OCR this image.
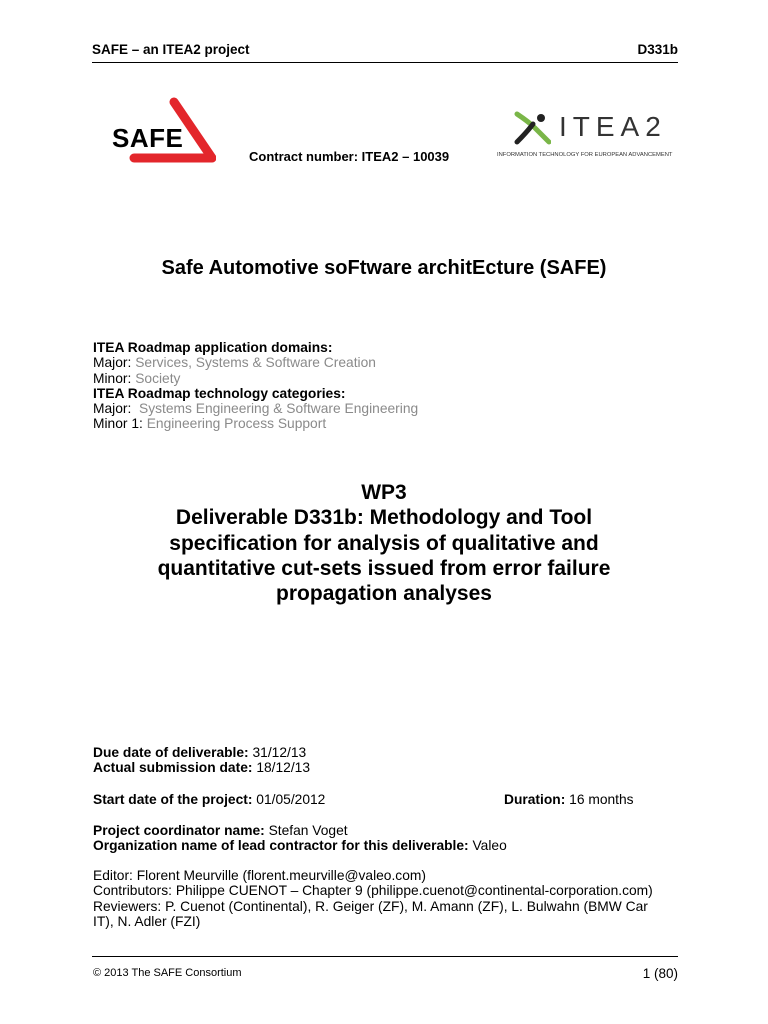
SAFE – an ITEA2 project	D331b
SAFE	ITEA2
INFORMATION TECHNOLOGY FOR EUROPEAN ADVANCEMENT
Contract number: ITEA2 – 10039
Safe Automotive soFtware architEcture (SAFE)
ITEA Roadmap application domains:
Major: Services, Systems & Software Creation
Minor: Society
ITEA Roadmap technology categories:
Major: Systems Engineering & Software Engineering
Minor 1: Engineering Process Support
WP3
Deliverable D331b: Methodology and Tool
specification for analysis of qualitative and
quantitative cut-sets issued from error failure
propagation analyses
Due date of deliverable: 31/12/13
Actual submission date: 18/12/13
Start date of the project: 01/05/2012	Duration: 16 months
Project coordinator name: Stefan Voget
Organization name of lead contractor for this deliverable: Valeo
Editor: Florent Meurville (florent.meurville@valeo.com)
Contributors: Philippe CUENOT – Chapter 9 (philippe.cuenot@continental-corporation.com)
Reviewers: P. Cuenot (Continental), R. Geiger (ZF), M. Amann (ZF), L. Bulwahn (BMW Car
IT), N. Adler (FZI)
© 2013 The SAFE Consortium	1 (80)
